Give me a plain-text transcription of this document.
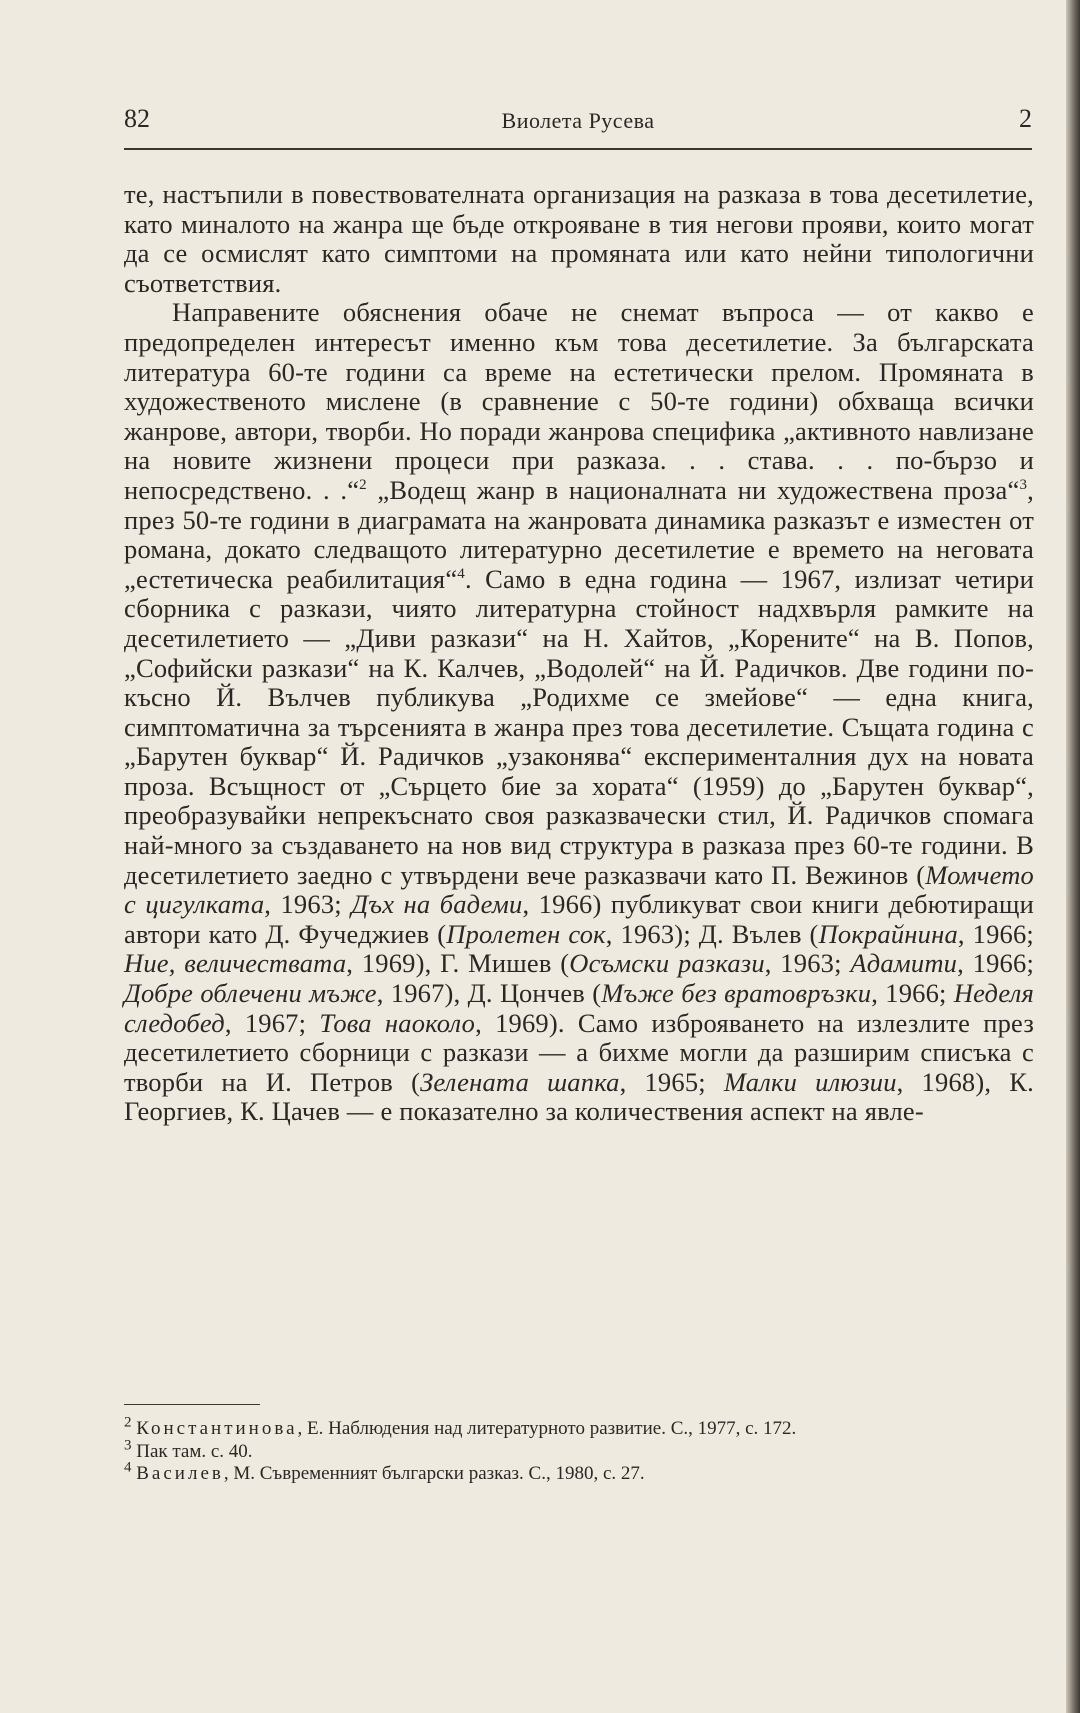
82	Виолета Русева	2

те, настъпили в повествователната организация на разказа в това десетилетие, като миналото на жанра ще бъде открояване в тия негови прояви, които могат да се осмислят като симптоми на промяната или като нейни типологични съответствия.

Направените обяснения обаче не снемат въпроса — от какво е предопределен интересът именно към това десетилетие. За българската литература 60-те години са време на естетически прелом. Промяната в художественото мислене (в сравнение с 50-те години) обхваща всички жанрове, автори, творби. Но поради жанрова специфика „активното навлизане на новите жизнени процеси при разказа. . . става. . . по-бързо и непосредствено. . .“$^2$ „Водещ жанр в националната ни художествена проза“$^3$, през 50-те години в диаграмата на жанровата динамика разказът е изместен от романа, докато следващото литературно десетилетие е времето на неговата „естетическа реабилитация“$^4$. Само в една година — 1967, излизат четири сборника с разкази, чиято литературна стойност надхвърля рамките на десетилетието — „Диви разкази“ на Н. Хайтов, „Корените“ на В. Попов, „Софийски разкази“ на К. Калчев, „Водолей“ на Й. Радичков. Две години по-късно Й. Вълчев публикува „Родихме се змейове“ — една книга, симптоматична за търсенията в жанра през това десетилетие. Същата година с „Барутен буквар“ Й. Радичков „узаконява“ експерименталния дух на новата проза. Всъщност от „Сърцето бие за хората“ (1959) до „Барутен буквар“, преобразувайки непрекъснато своя разказвачески стил, Й. Радичков спомага най-много за създаването на нов вид структура в разказа през 60-те години. В десетилетието заедно с утвърдени вече разказвачи като П. Вежинов (Момчето с цигулката, 1963; Дъх на бадеми, 1966) публикуват свои книги дебютиращи автори като Д. Фучеджиев (Пролетен сок, 1963); Д. Вълев (Покрайнина, 1966; Ние, величествата, 1969), Г. Мишев (Осъмски разкази, 1963; Адамити, 1966; Добре облечени мъже, 1967), Д. Цончев (Мъже без вратовръзки, 1966; Неделя следобед, 1967; Това наоколо, 1969). Само изброяването на излезлите през десетилетието сборници с разкази — а бихме могли да разширим списъка с творби на И. Петров (Зелената шапка, 1965; Малки илюзии, 1968), К. Георгиев, К. Цачев — е показателно за количествения аспект на явле-

$^2$ Константинова, Е. Наблюдения над литературното развитие. С., 1977, с. 172.

$^3$ Пак там. с. 40.

$^4$ Василев, М. Съвременният български разказ. С., 1980, с. 27.
